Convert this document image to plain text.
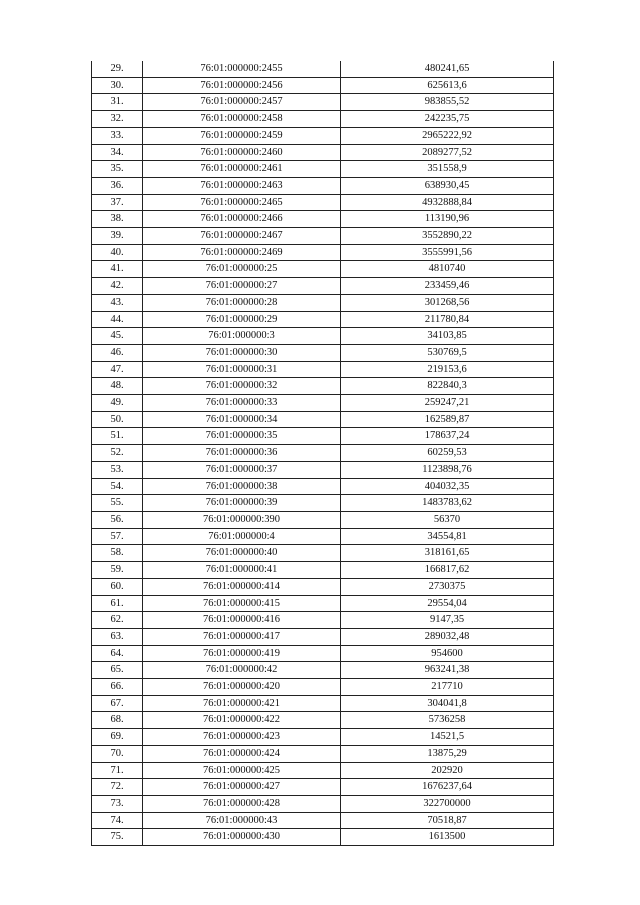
29.	76:01:000000:2455	480241,65
30.	76:01:000000:2456	625613,6
31.	76:01:000000:2457	983855,52
32.	76:01:000000:2458	242235,75
33.	76:01:000000:2459	2965222,92
34.	76:01:000000:2460	2089277,52
35.	76:01:000000:2461	351558,9
36.	76:01:000000:2463	638930,45
37.	76:01:000000:2465	4932888,84
38.	76:01:000000:2466	113190,96
39.	76:01:000000:2467	3552890,22
40.	76:01:000000:2469	3555991,56
41.	76:01:000000:25	4810740
42.	76:01:000000:27	233459,46
43.	76:01:000000:28	301268,56
44.	76:01:000000:29	211780,84
45.	76:01:000000:3	34103,85
46.	76:01:000000:30	530769,5
47.	76:01:000000:31	219153,6
48.	76:01:000000:32	822840,3
49.	76:01:000000:33	259247,21
50.	76:01:000000:34	162589,87
51.	76:01:000000:35	178637,24
52.	76:01:000000:36	60259,53
53.	76:01:000000:37	1123898,76
54.	76:01:000000:38	404032,35
55.	76:01:000000:39	1483783,62
56.	76:01:000000:390	56370
57.	76:01:000000:4	34554,81
58.	76:01:000000:40	318161,65
59.	76:01:000000:41	166817,62
60.	76:01:000000:414	2730375
61.	76:01:000000:415	29554,04
62.	76:01:000000:416	9147,35
63.	76:01:000000:417	289032,48
64.	76:01:000000:419	954600
65.	76:01:000000:42	963241,38
66.	76:01:000000:420	217710
67.	76:01:000000:421	304041,8
68.	76:01:000000:422	5736258
69.	76:01:000000:423	14521,5
70.	76:01:000000:424	13875,29
71.	76:01:000000:425	202920
72.	76:01:000000:427	1676237,64
73.	76:01:000000:428	322700000
74.	76:01:000000:43	70518,87
75.	76:01:000000:430	1613500
